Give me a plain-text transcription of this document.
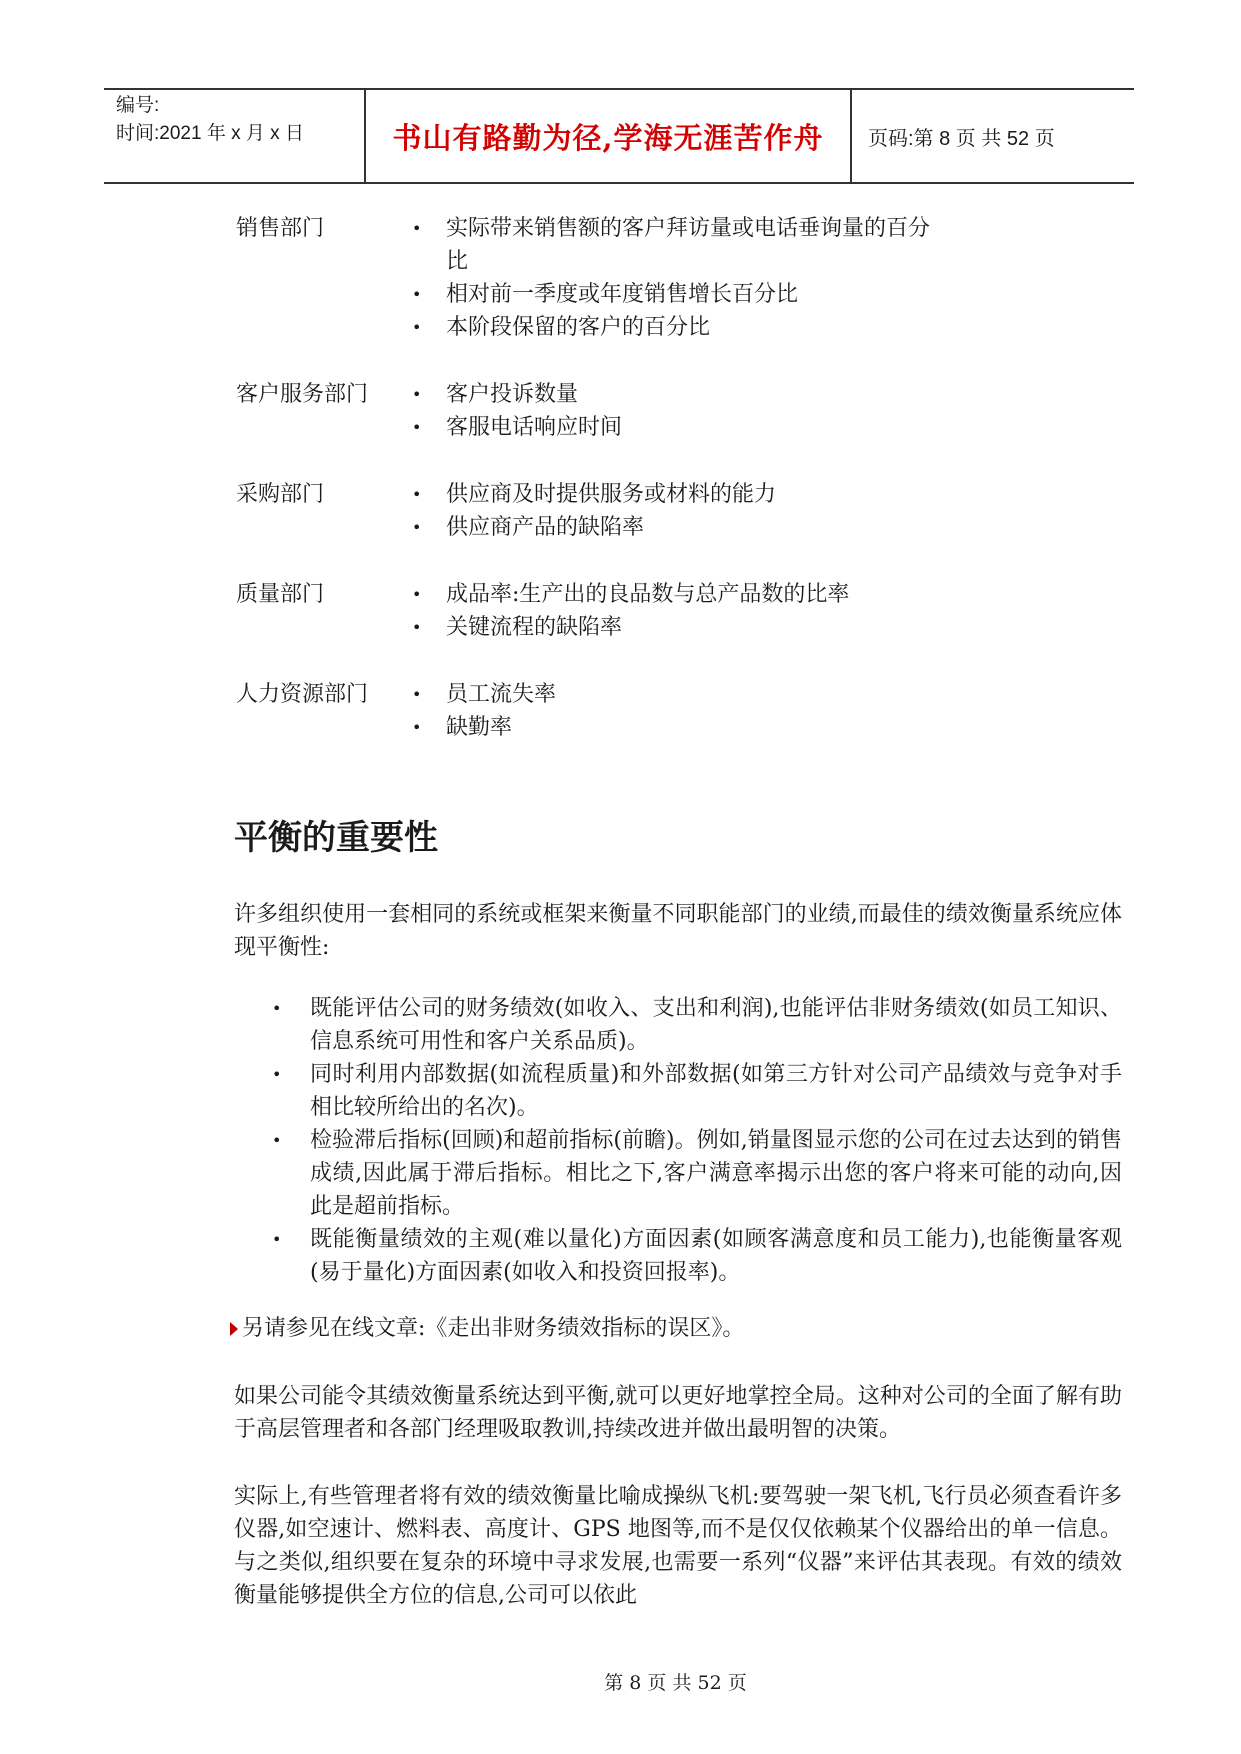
编号:
时间:2021 年 x 月 x 日	书山有路勤为径,学海无涯苦作舟 页码:第 8 页 共 52 页
销售部门	• 实际带来销售额的客户拜访量或电话垂询量的百分比
• 相对前一季度或年度销售增长百分比
• 本阶段保留的客户的百分比
客户服务部门	• 客户投诉数量
• 客服电话响应时间
采购部门	• 供应商及时提供服务或材料的能力
• 供应商产品的缺陷率
质量部门	• 成品率:生产出的良品数与总产品数的比率
• 关键流程的缺陷率
人力资源部门	• 员工流失率
• 缺勤率
平衡的重要性

许多组织使用一套相同的系统或框架来衡量不同职能部门的业绩,而最佳的绩效衡量系统应体现平衡性:

• 既能评估公司的财务绩效(如收入、支出和利润),也能评估非财务绩效(如员工知识、信息系统可用性和客户关系品质)。
• 同时利用内部数据(如流程质量)和外部数据(如第三方针对公司产品绩效与竞争对手相比较所给出的名次)。
• 检验滞后指标(回顾)和超前指标(前瞻)。例如,销量图显示您的公司在过去达到的销售成绩,因此属于滞后指标。相比之下,客户满意率揭示出您的客户将来可能的动向,因此是超前指标。
• 既能衡量绩效的主观(难以量化)方面因素(如顾客满意度和员工能力),也能衡量客观(易于量化)方面因素(如收入和投资回报率)。
另请参见在线文章:《走出非财务绩效指标的误区》。

如果公司能令其绩效衡量系统达到平衡,就可以更好地掌控全局。这种对公司的全面了解有助于高层管理者和各部门经理吸取教训,持续改进并做出最明智的决策。

实际上,有些管理者将有效的绩效衡量比喻成操纵飞机:要驾驶一架飞机,飞行员必须查看许多仪器,如空速计、燃料表、高度计、GPS 地图等,而不是仅仅依赖某个仪器给出的单一信息。与之类似,组织要在复杂的环境中寻求发展,也需要一系列“仪器”来评估其表现。有效的绩效衡量能够提供全方位的信息,公司可以依此

第 8 页 共 52 页
